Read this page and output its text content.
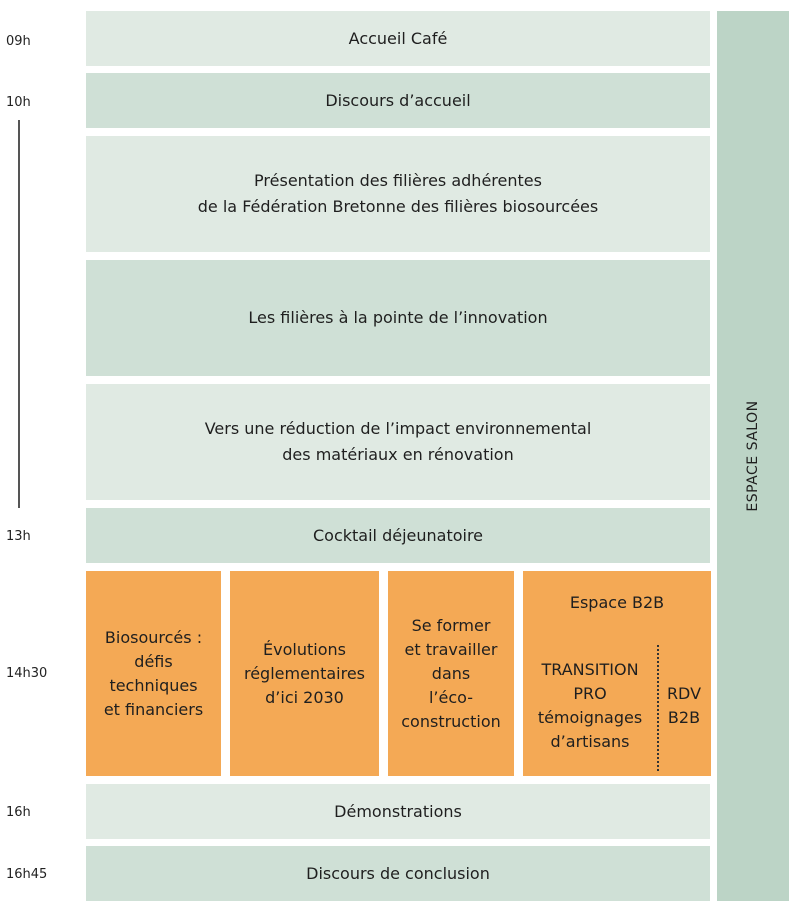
09h
10h
13h
14h30
16h
16h45
Accueil Café
Discours d’accueil
Présentation des filières adhérentes
de la Fédération Bretonne des filières biosourcées
Les filières à la pointe de l’innovation
Vers une réduction de l’impact environnemental
des matériaux en rénovation
Cocktail déjeunatoire
Biosourcés :
défis
techniques
et financiers
Évolutions
réglementaires
d’ici 2030
Se former
et travailler
dans
l’éco-
construction
Espace B2B
TRANSITION
PRO
témoignages
d’artisans
RDV
B2B
Démonstrations
Discours de conclusion
ESPACE SALON
